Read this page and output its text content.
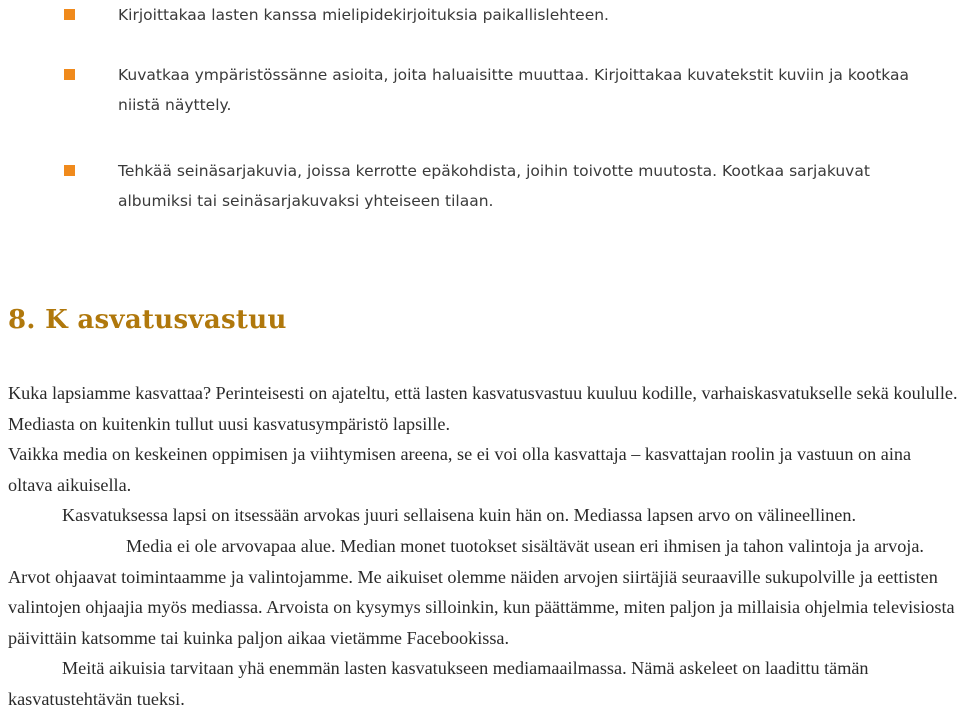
Kirjoittakaa lasten kanssa mielipidekirjoituksia paikallislehteen.
Kuvatkaa ympäristössänne asioita, joita haluaisitte muuttaa. Kirjoittakaa kuvatekstit kuviin ja kootkaa niistä näyttely.
Tehkää seinäsarjakuvia, joissa kerrotte epäkohdista, joihin toivotte muutosta. Kootkaa sarjakuvat albumiksi tai seinäsarjakuvaksi yhteiseen tilaan.
8. K asvatusvastuu

Kuka lapsiamme kasvattaa? Perinteisesti on ajateltu, että lasten kasvatusvastuu kuuluu kodille, varhaiskasvatukselle sekä koululle. Mediasta on kuitenkin tullut uusi kasvatusympäristö lapsille.

Vaikka media on keskeinen oppimisen ja viihtymisen areena, se ei voi olla kasvattaja – kasvattajan roolin ja vastuun on aina oltava aikuisella.

Kasvatuksessa lapsi on itsessään arvokas juuri sellaisena kuin hän on. Mediassa lapsen arvo on välineellinen.

Media ei ole arvovapaa alue. Median monet tuotokset sisältävät usean eri ihmisen ja tahon valintoja ja arvoja. Arvot ohjaavat toimintaamme ja valintojamme. Me aikuiset olemme näiden arvojen siirtäjiä seuraaville sukupolville ja eettisten valintojen ohjaajia myös mediassa. Arvoista on kysymys silloinkin, kun päättämme, miten paljon ja millaisia ohjelmia televisiosta päivittäin katsomme tai kuinka paljon aikaa vietämme Facebookissa.

Meitä aikuisia tarvitaan yhä enemmän lasten kasvatukseen mediamaailmassa. Nämä askeleet on laadittu tämän kasvatustehtävän tueksi.
